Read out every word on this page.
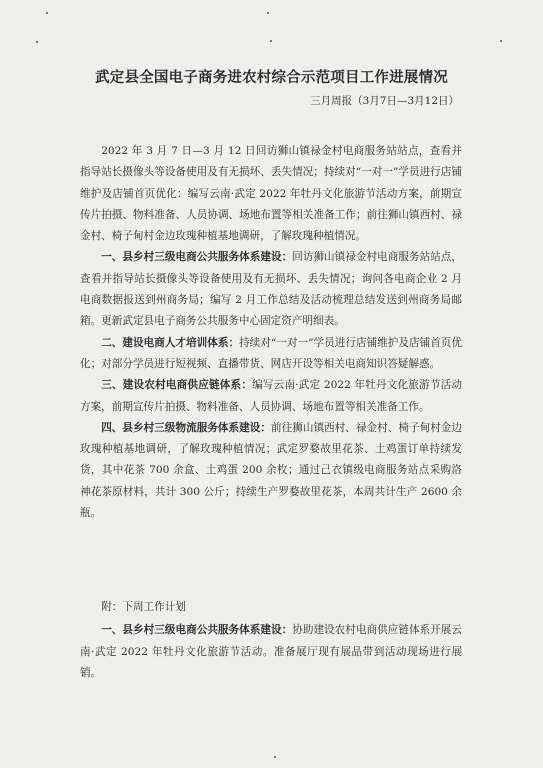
武定县全国电子商务进农村综合示范项目工作进展情况
三月周报（3月7日—3月12日）

2022 年 3 月 7 日—3 月 12 日回访狮山镇禄金村电商服务站站点，查看并指导站长摄像头等设备使用及有无损坏、丢失情况；持续对“一对一”学员进行店铺维护及店铺首页优化：编写云南·武定 2022 年牡丹文化旅游节活动方案，前期宣传片拍摄、物料准备、人员协调、场地布置等相关准备工作；前往狮山镇西村、禄金村、椅子甸村金边玫瑰种植基地调研，了解玫瑰种植情况。

一、县乡村三级电商公共服务体系建设：回访狮山镇禄金村电商服务站站点，查看并指导站长摄像头等设备使用及有无损坏、丢失情况；询问各电商企业 2 月电商数据报送到州商务局；编写 2 月工作总结及活动梳理总结发送到州商务局邮箱。更新武定县电子商务公共服务中心固定资产明细表。

二、建设电商人才培训体系：持续对“一对一”学员进行店铺维护及店铺首页优化；对部分学员进行短视频、直播带货、网店开设等相关电商知识答疑解惑。

三、建设农村电商供应链体系：编写云南·武定 2022 年牡丹文化旅游节活动方案，前期宣传片拍摄、物料准备、人员协调、场地布置等相关准备工作。

四、县乡村三级物流服务体系建设：前往狮山镇西村、禄金村、椅子甸村金边玫瑰种植基地调研，了解玫瑰种植情况；武定罗婺故里花茶、土鸡蛋订单持续发货，其中花茶 700 余盒、土鸡蛋 200 余枚；通过己衣镇级电商服务站点采购洛神花茶原材料，共计 300 公斤；持续生产罗婺故里花茶，本周共计生产 2600 余瓶。

附：下周工作计划

一、县乡村三级电商公共服务体系建设：协助建设农村电商供应链体系开展云南·武定 2022 年牡丹文化旅游节活动。准备展厅现有展品带到活动现场进行展销。
